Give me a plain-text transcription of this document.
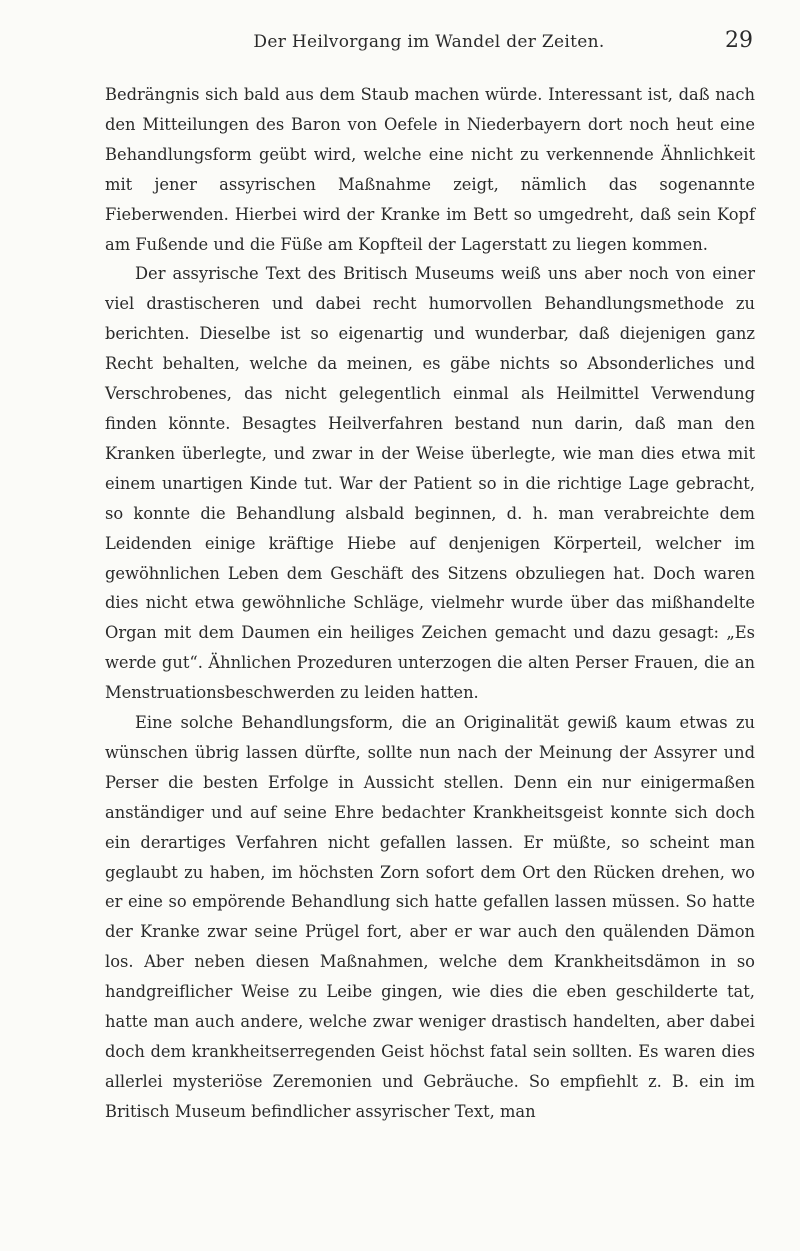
Der Heilvorgang im Wandel der Zeiten.	29

Bedrängnis sich bald aus dem Staub machen würde. Interessant ist, daß nach den Mitteilungen des Baron von Oefele in Niederbayern dort noch heut eine Behandlungsform geübt wird, welche eine nicht zu verkennende Ähnlichkeit mit jener assyrischen Maßnahme zeigt, nämlich das sogenannte Fieberwenden. Hierbei wird der Kranke im Bett so umgedreht, daß sein Kopf am Fußende und die Füße am Kopfteil der Lagerstatt zu liegen kommen.

Der assyrische Text des Britisch Museums weiß uns aber noch von einer viel drastischeren und dabei recht humorvollen Behandlungsmethode zu berichten. Dieselbe ist so eigenartig und wunderbar, daß diejenigen ganz Recht behalten, welche da meinen, es gäbe nichts so Absonderliches und Verschrobenes, das nicht gelegentlich einmal als Heilmittel Verwendung finden könnte. Besagtes Heilverfahren bestand nun darin, daß man den Kranken überlegte, und zwar in der Weise überlegte, wie man dies etwa mit einem unartigen Kinde tut. War der Patient so in die richtige Lage gebracht, so konnte die Behandlung alsbald beginnen, d. h. man verabreichte dem Leidenden einige kräftige Hiebe auf denjenigen Körperteil, welcher im gewöhnlichen Leben dem Geschäft des Sitzens obzuliegen hat. Doch waren dies nicht etwa gewöhnliche Schläge, vielmehr wurde über das mißhandelte Organ mit dem Daumen ein heiliges Zeichen gemacht und dazu gesagt: „Es werde gut“. Ähnlichen Prozeduren unterzogen die alten Perser Frauen, die an Menstruationsbeschwerden zu leiden hatten.

Eine solche Behandlungsform, die an Originalität gewiß kaum etwas zu wünschen übrig lassen dürfte, sollte nun nach der Meinung der Assyrer und Perser die besten Erfolge in Aussicht stellen. Denn ein nur einigermaßen anständiger und auf seine Ehre bedachter Krankheitsgeist konnte sich doch ein derartiges Verfahren nicht gefallen lassen. Er müßte, so scheint man geglaubt zu haben, im höchsten Zorn sofort dem Ort den Rücken drehen, wo er eine so empörende Behandlung sich hatte gefallen lassen müssen. So hatte der Kranke zwar seine Prügel fort, aber er war auch den quälenden Dämon los. Aber neben diesen Maßnahmen, welche dem Krankheitsdämon in so handgreiflicher Weise zu Leibe gingen, wie dies die eben geschilderte tat, hatte man auch andere, welche zwar weniger drastisch handelten, aber dabei doch dem krankheitserregenden Geist höchst fatal sein sollten. Es waren dies allerlei mysteriöse Zeremonien und Gebräuche. So empfiehlt z. B. ein im Britisch Museum befindlicher assyrischer Text, man
